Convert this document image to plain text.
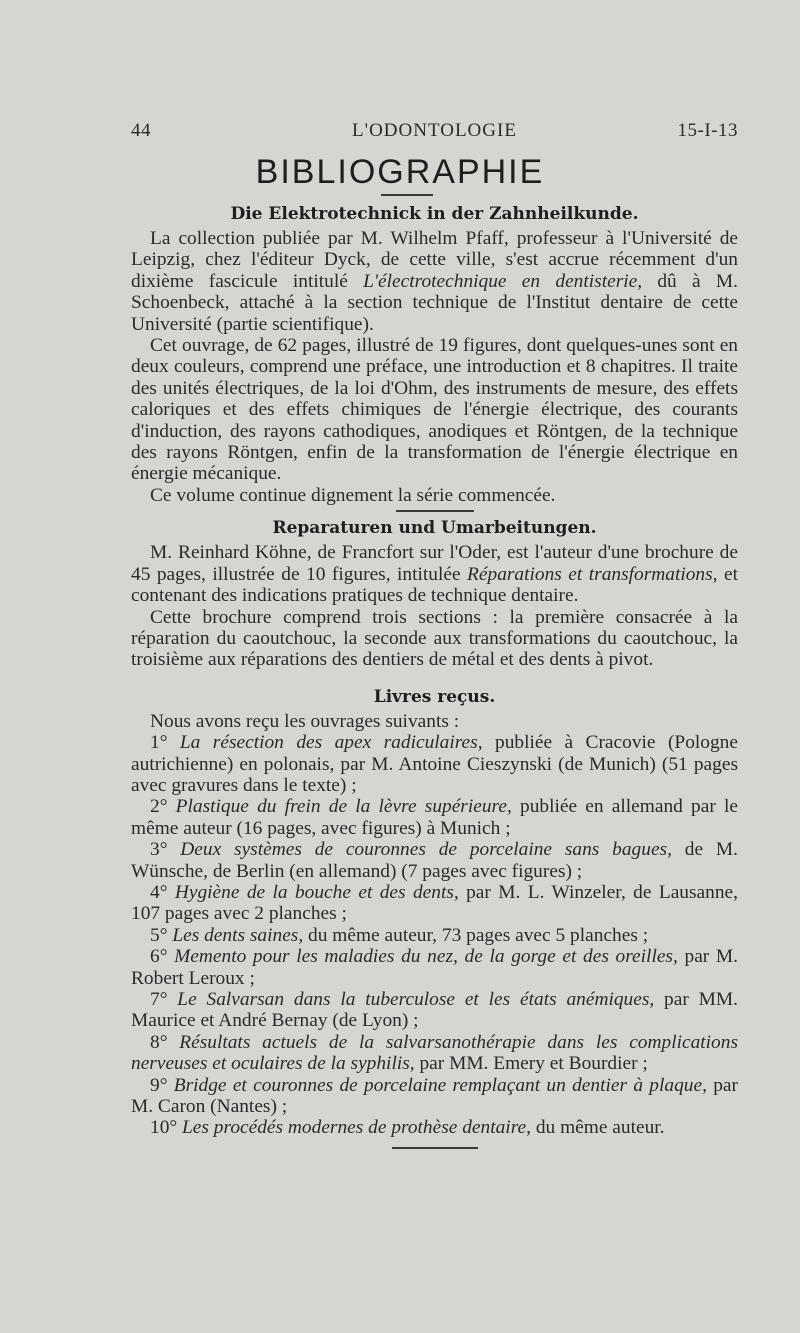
44	L'ODONTOLOGIE	15-I-13
BIBLIOGRAPHIE
Die Elektrotechnick in der Zahnheilkunde.

La collection publiée par M. Wilhelm Pfaff, professeur à l'Université de Leipzig, chez l'éditeur Dyck, de cette ville, s'est accrue récemment d'un dixième fascicule intitulé L'électrotechnique en dentisterie, dû à M. Schoenbeck, attaché à la section technique de l'Institut dentaire de cette Université (partie scientifique).

Cet ouvrage, de 62 pages, illustré de 19 figures, dont quelques-unes sont en deux couleurs, comprend une préface, une introduction et 8 chapitres. Il traite des unités électriques, de la loi d'Ohm, des instruments de mesure, des effets caloriques et des effets chimiques de l'énergie électrique, des courants d'induction, des rayons cathodiques, anodiques et Röntgen, de la technique des rayons Röntgen, enfin de la transformation de l'énergie électrique en énergie mécanique.

Ce volume continue dignement la série commencée.

Reparaturen und Umarbeitungen.

M. Reinhard Köhne, de Francfort sur l'Oder, est l'auteur d'une brochure de 45 pages, illustrée de 10 figures, intitulée Réparations et transformations, et contenant des indications pratiques de technique dentaire.

Cette brochure comprend trois sections : la première consacrée à la réparation du caoutchouc, la seconde aux transformations du caoutchouc, la troisième aux réparations des dentiers de métal et des dents à pivot.

Livres reçus.

Nous avons reçu les ouvrages suivants :

1° La résection des apex radiculaires, publiée à Cracovie (Pologne autrichienne) en polonais, par M. Antoine Cieszynski (de Munich) (51 pages avec gravures dans le texte) ;

2° Plastique du frein de la lèvre supérieure, publiée en allemand par le même auteur (16 pages, avec figures) à Munich ;

3° Deux systèmes de couronnes de porcelaine sans bagues, de M. Wünsche, de Berlin (en allemand) (7 pages avec figures) ;

4° Hygiène de la bouche et des dents, par M. L. Winzeler, de Lausanne, 107 pages avec 2 planches ;

5° Les dents saines, du même auteur, 73 pages avec 5 planches ;

6° Memento pour les maladies du nez, de la gorge et des oreilles, par M. Robert Leroux ;

7° Le Salvarsan dans la tuberculose et les états anémiques, par MM. Maurice et André Bernay (de Lyon) ;

8° Résultats actuels de la salvarsanothérapie dans les complications nerveuses et oculaires de la syphilis, par MM. Emery et Bourdier ;

9° Bridge et couronnes de porcelaine remplaçant un dentier à plaque, par M. Caron (Nantes) ;

10° Les procédés modernes de prothèse dentaire, du même auteur.
